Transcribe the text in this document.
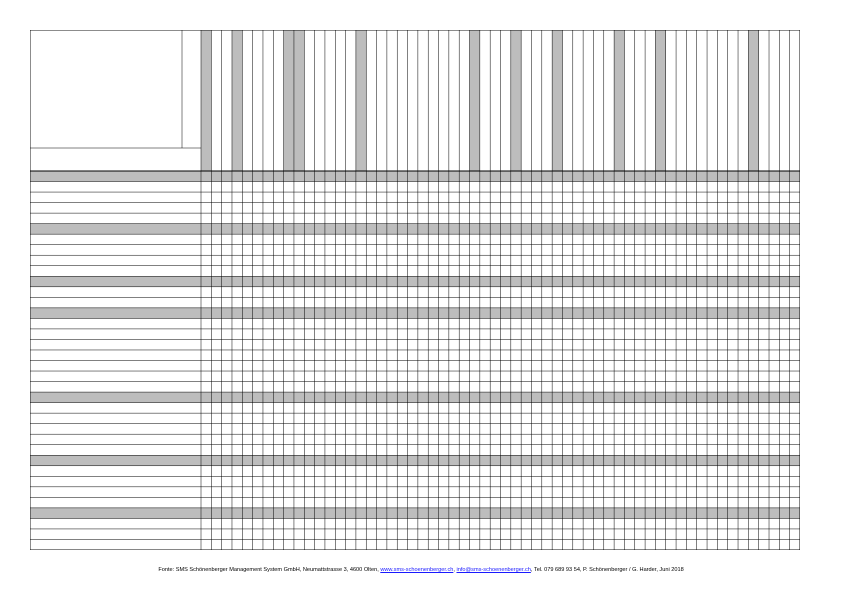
Fonte: SMS Schönenberger Management System GmbH, Neumattstrasse 3, 4600 Olten, www.sms-schoenenberger.ch, info@sms-schoenenberger.ch, Tel. 079 689 93 54, P. Schönenberger / G. Harder, Juni 2018
